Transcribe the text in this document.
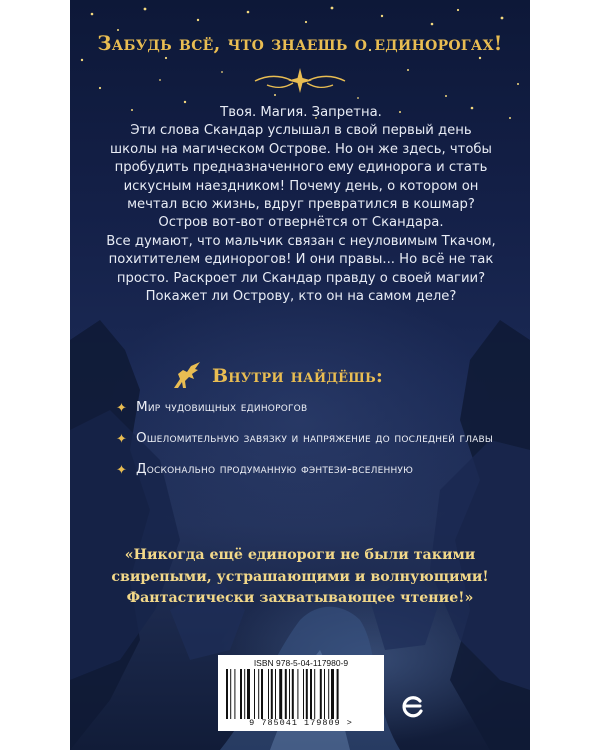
Забудь всё, что знаешь о единорогах!

Твоя. Магия. Запретна.

Эти слова Скандар услышал в свой первый день школы на магическом Острове. Но он же здесь, чтобы пробудить предназначенного ему единорога и стать искусным наездником! Почему день, о котором он мечтал всю жизнь, вдруг превратился в кошмар? Остров вот-вот отвернётся от Скандара.

Все думают, что мальчик связан с неуловимым Ткачом, похитителем единорогов! И они правы... Но всё не так просто. Раскроет ли Скандар правду о своей магии? Покажет ли Острову, кто он на самом деле?

Внутри найдёшь:
✦ Мир чудовищных единорогов
✦ Ошеломительную завязку и напряжение до последней главы
✦ Досконально продуманную фэнтези-вселенную

«Никогда ещё единороги не были такими свирепыми, устрашающими и волнующими! Фантастически захватывающее чтение!»

ISBN 978-5-04-117980-9
9 785041 179809 >
